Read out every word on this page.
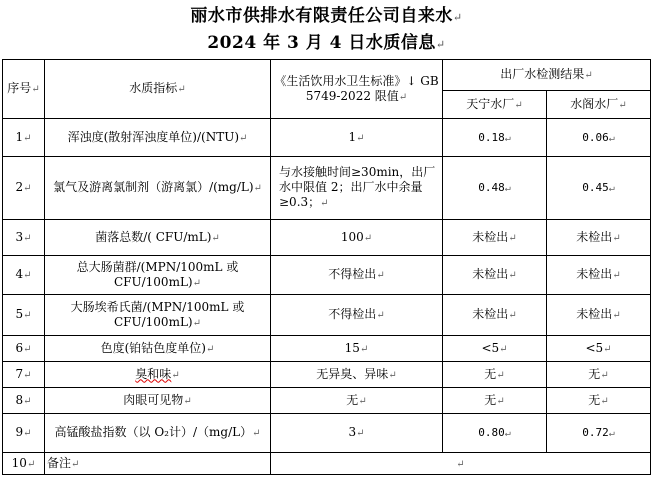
丽水市供排水有限责任公司自来水↵
2024 年 3 月 4 日水质信息↵
序号↵	水质指标↵	《生活饮用水卫生标准》↓ GB 5749-2022 限值↵	出厂水检测结果↵	
			天宁水厂↵	水阁水厂↵
1↵	浑浊度(散射浑浊度单位)/(NTU)↵	1↵	0.18↵	0.06↵
2↵	氯气及游离氯制剂（游离氯）/(mg/L)↵	与水接触时间≥30min，出厂水中限值 2；出厂水中余量≥0.3；↵	0.48↵	0.45↵
3↵	菌落总数/( CFU/mL)↵	100↵	未检出↵	未检出↵
4↵	总大肠菌群/(MPN/100mL 或 CFU/100mL)↵	不得检出↵	未检出↵	未检出↵
5↵	大肠埃希氏菌/(MPN/100mL 或 CFU/100mL)↵	不得检出↵	未检出↵	未检出↵
6↵	色度(铂钴色度单位)↵	15↵	<5↵	<5↵
7↵	臭和味↵	无异臭、异味↵	无↵	无↵
8↵	肉眼可见物↵	无↵	无↵	无↵
9↵	高锰酸盐指数（以 O₂计）/（mg/L）↵	3↵	0.80↵	0.72↵
10↵	备注↵	↵		
